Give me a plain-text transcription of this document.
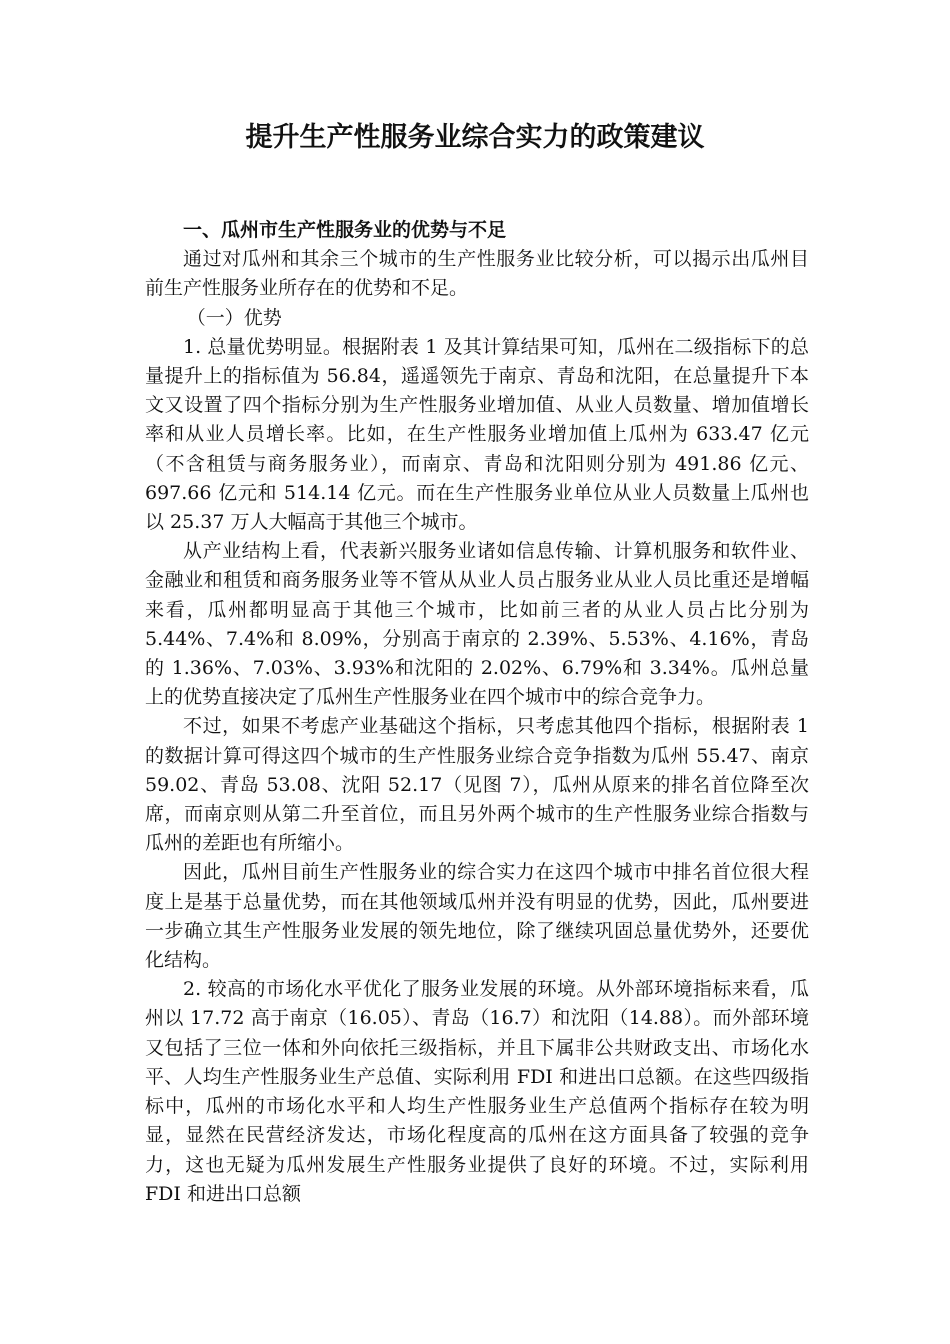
提升生产性服务业综合实力的政策建议

一、瓜州市生产性服务业的优势与不足

通过对瓜州和其余三个城市的生产性服务业比较分析，可以揭示出瓜州目前生产性服务业所存在的优势和不足。

（一）优势

1. 总量优势明显。根据附表 1 及其计算结果可知，瓜州在二级指标下的总量提升上的指标值为 56.84，遥遥领先于南京、青岛和沈阳，在总量提升下本文又设置了四个指标分别为生产性服务业增加值、从业人员数量、增加值增长率和从业人员增长率。比如，在生产性服务业增加值上瓜州为 633.47 亿元（不含租赁与商务服务业），而南京、青岛和沈阳则分别为 491.86 亿元、697.66 亿元和 514.14 亿元。而在生产性服务业单位从业人员数量上瓜州也以 25.37 万人大幅高于其他三个城市。

从产业结构上看，代表新兴服务业诸如信息传输、计算机服务和软件业、金融业和租赁和商务服务业等不管从从业人员占服务业从业人员比重还是增幅来看，瓜州都明显高于其他三个城市，比如前三者的从业人员占比分别为 5.44%、7.4%和 8.09%，分别高于南京的 2.39%、5.53%、4.16%，青岛的 1.36%、7.03%、3.93%和沈阳的 2.02%、6.79%和 3.34%。瓜州总量上的优势直接决定了瓜州生产性服务业在四个城市中的综合竞争力。

不过，如果不考虑产业基础这个指标，只考虑其他四个指标，根据附表 1 的数据计算可得这四个城市的生产性服务业综合竞争指数为瓜州 55.47、南京 59.02、青岛 53.08、沈阳 52.17（见图 7），瓜州从原来的排名首位降至次席，而南京则从第二升至首位，而且另外两个城市的生产性服务业综合指数与瓜州的差距也有所缩小。

因此，瓜州目前生产性服务业的综合实力在这四个城市中排名首位很大程度上是基于总量优势，而在其他领域瓜州并没有明显的优势，因此，瓜州要进一步确立其生产性服务业发展的领先地位，除了继续巩固总量优势外，还要优化结构。

2. 较高的市场化水平优化了服务业发展的环境。从外部环境指标来看，瓜州以 17.72 高于南京（16.05）、青岛（16.7）和沈阳（14.88）。而外部环境又包括了三位一体和外向依托三级指标，并且下属非公共财政支出、市场化水平、人均生产性服务业生产总值、实际利用 FDI 和进出口总额。在这些四级指标中，瓜州的市场化水平和人均生产性服务业生产总值两个指标存在较为明显，显然在民营经济发达，市场化程度高的瓜州在这方面具备了较强的竞争力，这也无疑为瓜州发展生产性服务业提供了良好的环境。不过，实际利用 FDI 和进出口总额
